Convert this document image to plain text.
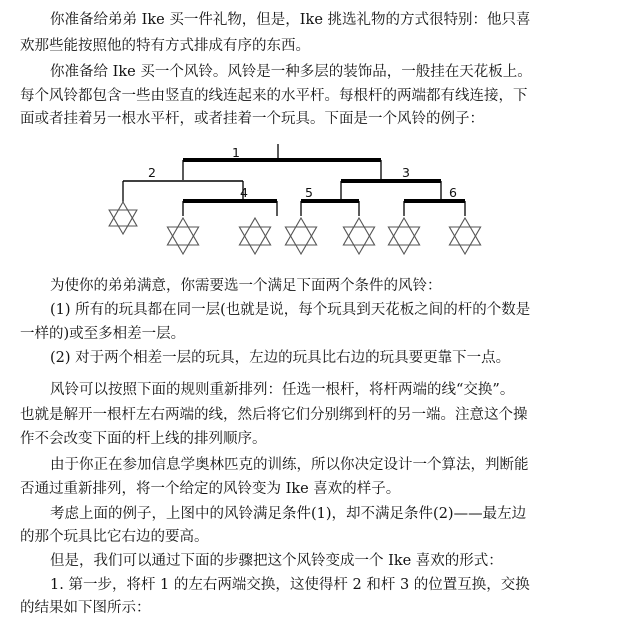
你准备给弟弟 Ike 买一件礼物，但是，Ike 挑选礼物的方式很特别：他只喜
欢那些能按照他的特有方式排成有序的东西。
你准备给 Ike 买一个风铃。风铃是一种多层的装饰品，一般挂在天花板上。
每个风铃都包含一些由竖直的线连起来的水平杆。每根杆的两端都有线连接，下
面或者挂着另一根水平杆，或者挂着一个玩具。下面是一个风铃的例子：
1
2	3
4	5	6
为使你的弟弟满意，你需要选一个满足下面两个条件的风铃：
(1) 所有的玩具都在同一层(也就是说，每个玩具到天花板之间的杆的个数是
一样的)或至多相差一层。
(2) 对于两个相差一层的玩具，左边的玩具比右边的玩具要更靠下一点。
风铃可以按照下面的规则重新排列：任选一根杆，将杆两端的线“交换”。
也就是解开一根杆左右两端的线，然后将它们分别绑到杆的另一端。注意这个操
作不会改变下面的杆上线的排列顺序。
由于你正在参加信息学奥林匹克的训练，所以你决定设计一个算法，判断能
否通过重新排列，将一个给定的风铃变为 Ike 喜欢的样子。
考虑上面的例子，上图中的风铃满足条件(1)，却不满足条件(2)——最左边
的那个玩具比它右边的要高。
但是，我们可以通过下面的步骤把这个风铃变成一个 Ike 喜欢的形式：
1. 第一步，将杆 1 的左右两端交换，这使得杆 2 和杆 3 的位置互换，交换
的结果如下图所示：
